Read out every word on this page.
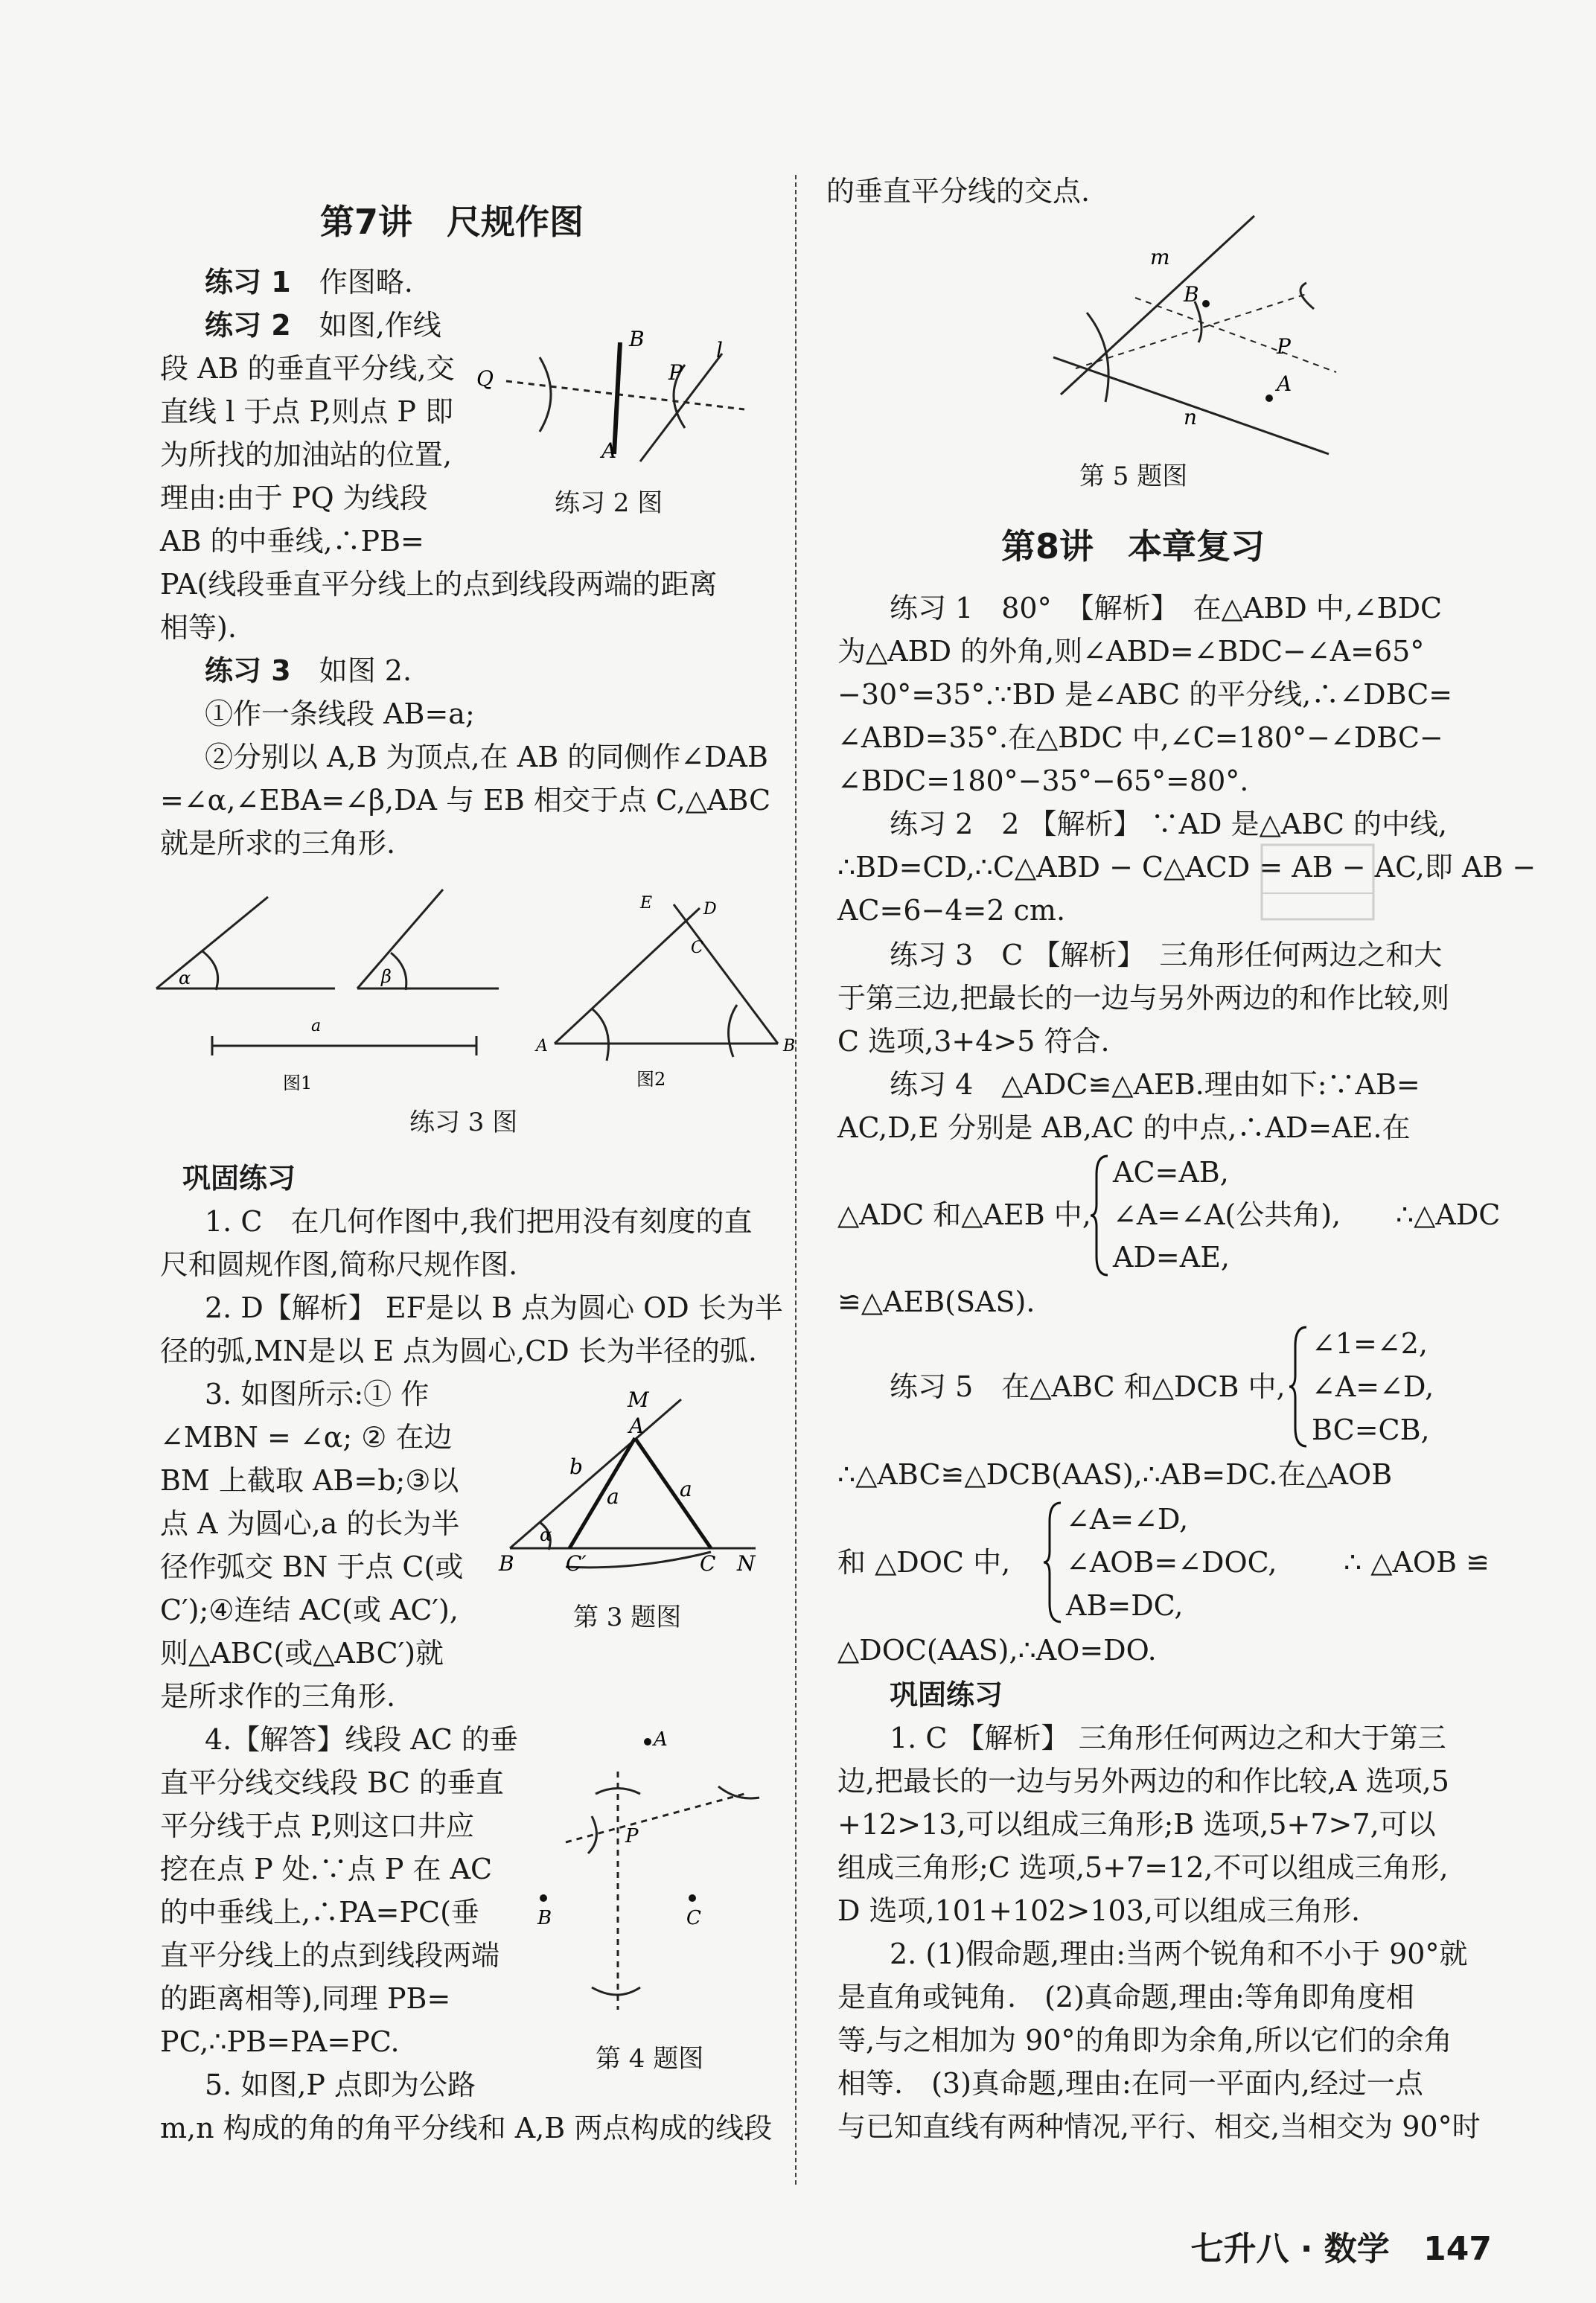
第7讲　尺规作图
练习 1　 作图略.
练习 2　 如图,作线
段 AB 的垂直平分线,交
直线 l 于点 P,则点 P 即
为所找的加油站的位置,
理由:由于 PQ 为线段
AB 的中垂线,∴PB=
PA(线段垂直平分线上的点到线段两端的距离
相等).
B
P
l
Q
A
练习 2 图
练习 3　 如图 2.
①作一条线段 AB=a;
②分别以 A,B 为顶点,在 AB 的同侧作∠DAB
=∠α,∠EBA=∠β,DA 与 EB 相交于点 C,△ABC
就是所求的三角形.
α	β
a
E	D
C
A	B
图1	图2
练习 3 图
巩固练习
1. C　在几何作图中,我们把用没有刻度的直
尺和圆规作图,简称尺规作图.
2. D【解析】 EF是以 B 点为圆心 OD 长为半
径的弧,MN是以 E 点为圆心,CD 长为半径的弧.
3. 如图所示:① 作
∠MBN = ∠α; ② 在边
BM 上截取 AB=b;③以
点 A 为圆心,a 的长为半
径作弧交 BN 于点 C(或
C′);④连结 AC(或 AC′),
则△ABC(或△ABC′)就
是所求作的三角形.
A
M
b
a	a
α
B C′	C N
第 3 题图
4.【解答】线段 AC 的垂
直平分线交线段 BC 的垂直
平分线于点 P,则这口井应
挖在点 P 处.∵点 P 在 AC
的中垂线上,∴PA=PC(垂
直平分线上的点到线段两端
的距离相等),同理 PB=
PC,∴PB=PA=PC.
A
P
B	C
第 4 题图
5. 如图,P 点即为公路
m,n 构成的角的角平分线和 A,B 两点构成的线段
的垂直平分线的交点.
m
B
P
A
n
第 5 题图
第8讲　本章复习
练习 1　80°　【解析】　在△ABD 中,∠BDC
为△ABD 的外角,则∠ABD=∠BDC−∠A=65°
−30°=35°.∵BD 是∠ABC 的平分线,∴∠DBC=
∠ABD=35°.在△BDC 中,∠C=180°−∠DBC−
∠BDC=180°−35°−65°=80°.
练习 2　2 【解析】 ∵AD 是△ABC 的中线,
∴BD=CD,∴C△ABD − C△ACD = AB − AC,即 AB −
AC=6−4=2 cm.
练习 3　C 【解析】　三角形任何两边之和大
于第三边,把最长的一边与另外两边的和作比较,则
C 选项,3+4>5 符合.
练习 4　△ADC≌△AEB.理由如下:∵AB=
AC,D,E 分别是 AB,AC 的中点,∴AD=AE.在
△ADC 和△AEB 中,
AC=AB,
∠A=∠A(公共角),
AD=AE,
∴△ADC
≌△AEB(SAS).
练习 5　在△ABC 和△DCB 中,
∠1=∠2,
∠A=∠D,
BC=CB,
∴△ABC≌△DCB(AAS),∴AB=DC.在△AOB
和 △DOC 中,
∠A=∠D,
∠AOB=∠DOC,
AB=DC,
∴ △AOB ≌
△DOC(AAS),∴AO=DO.
巩固练习
1. C 【解析】 三角形任何两边之和大于第三
边,把最长的一边与另外两边的和作比较,A 选项,5
+12>13,可以组成三角形;B 选项,5+7>7,可以
组成三角形;C 选项,5+7=12,不可以组成三角形,
D 选项,101+102>103,可以组成三角形.
2. (1)假命题,理由:当两个锐角和不小于 90°就
是直角或钝角.　(2)真命题,理由:等角即角度相
等,与之相加为 90°的角即为余角,所以它们的余角
相等.　(3)真命题,理由:在同一平面内,经过一点
与已知直线有两种情况,平行、相交,当相交为 90°时
七升八 · 数学 147
